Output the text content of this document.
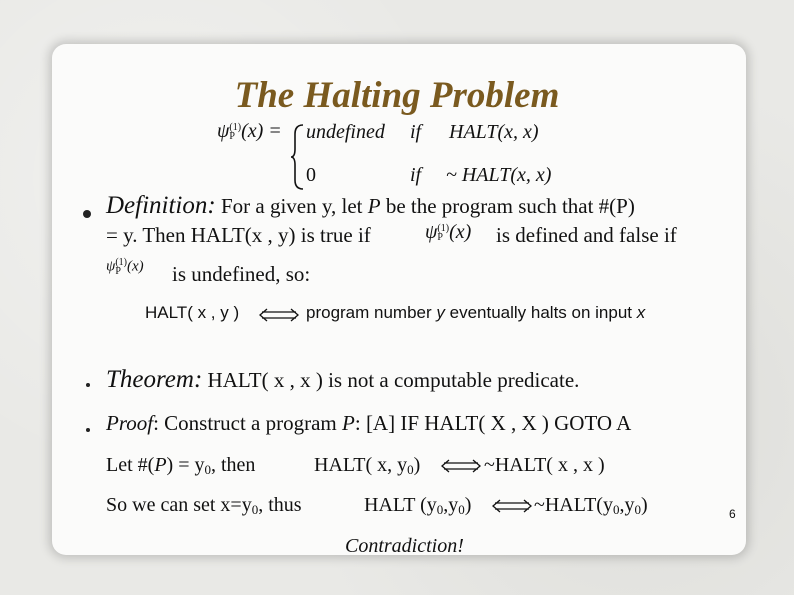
The Halting Problem
ψ (1)
P (x) = undefined if HALT(x, x)
0	if ~ HALT(x, x)
Definition: For a given y, let P be the program such that #(P)
= y. Then HALT(x , y) is true if	ψ (1)
P (x) is defined and false if
ψ (1)
P (x) is undefined, so:
HALT( x , y )	program number y eventually halts on input x
Theorem: HALT( x , x ) is not a computable predicate.
Proof: Construct a program P: [A] IF HALT( X , X ) GOTO A
Let #(P) = y0, then	HALT( x, y0)	~HALT( x , x )
So we can set x=y0, thus	HALT (y0,y0)	~HALT(y0,y0)
Contradiction!
6
